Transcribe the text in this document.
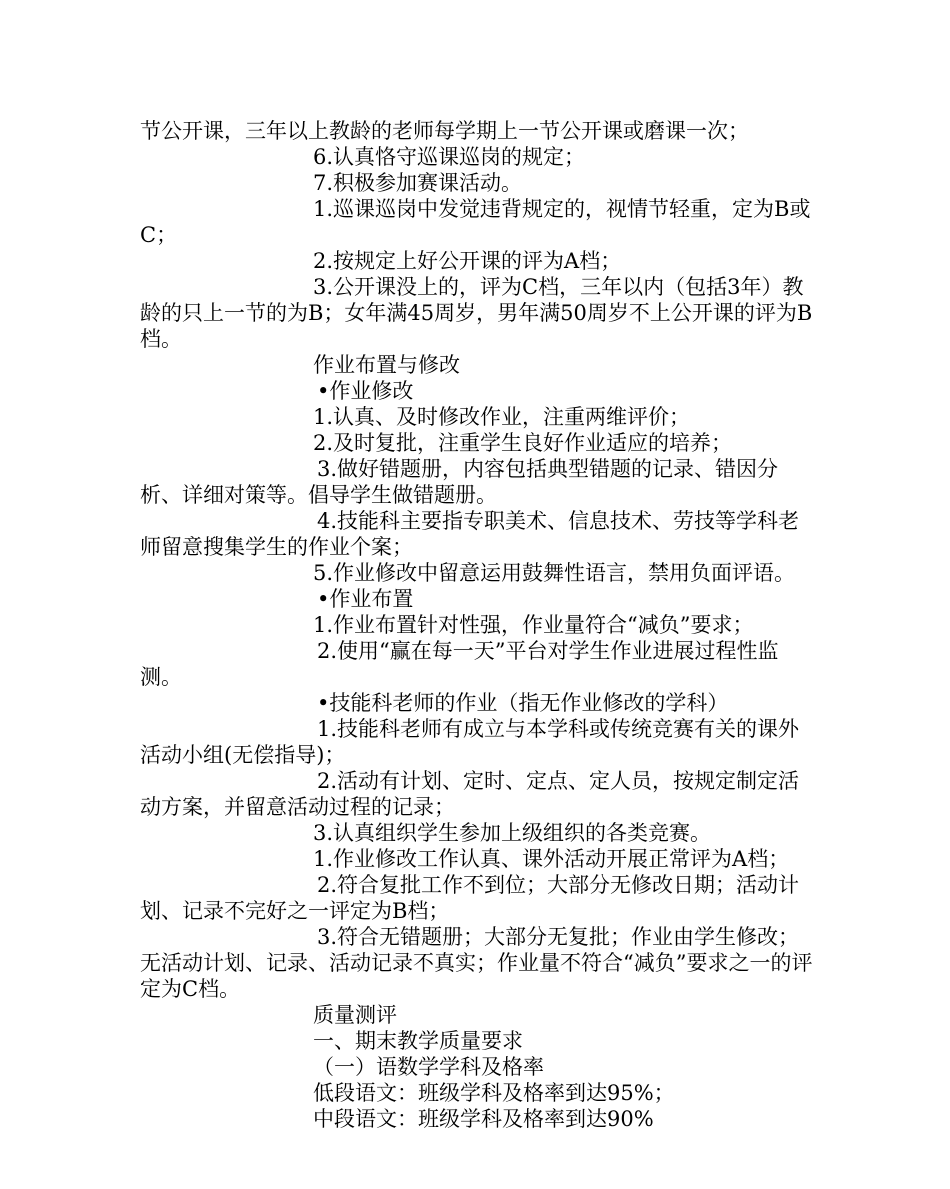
节公开课，三年以上教龄的老师每学期上一节公开课或磨课一次；

6.认真恪守巡课巡岗的规定；

7.积极参加赛课活动。

1.巡课巡岗中发觉违背规定的，视情节轻重，定为B或C；

2.按规定上好公开课的评为A档；

3.公开课没上的，评为C档，三年以内（包括3年）教龄的只上一节的为B；女年满45周岁，男年满50周岁不上公开课的评为B档。

作业布置与修改

•作业修改

1.认真、及时修改作业，注重两维评价；

2.及时复批，注重学生良好作业适应的培养；

3.做好错题册，内容包括典型错题的记录、错因分析、详细对策等。倡导学生做错题册。

4.技能科主要指专职美术、信息技术、劳技等学科老师留意搜集学生的作业个案；

5.作业修改中留意运用鼓舞性语言，禁用负面评语。

•作业布置

1.作业布置针对性强，作业量符合“减负”要求；

2.使用“赢在每一天”平台对学生作业进展过程性监测。

•技能科老师的作业（指无作业修改的学科）

1.技能科老师有成立与本学科或传统竞赛有关的课外活动小组(无偿指导)；

2.活动有计划、定时、定点、定人员，按规定制定活动方案，并留意活动过程的记录；

3.认真组织学生参加上级组织的各类竞赛。

1.作业修改工作认真、课外活动开展正常评为A档；

2.符合复批工作不到位；大部分无修改日期；活动计划、记录不完好之一评定为B档；

3.符合无错题册；大部分无复批；作业由学生修改；无活动计划、记录、活动记录不真实；作业量不符合“减负”要求之一的评定为C档。

质量测评

一、期末教学质量要求

（一）语数学学科及格率

低段语文：班级学科及格率到达95%；

中段语文：班级学科及格率到达90%
